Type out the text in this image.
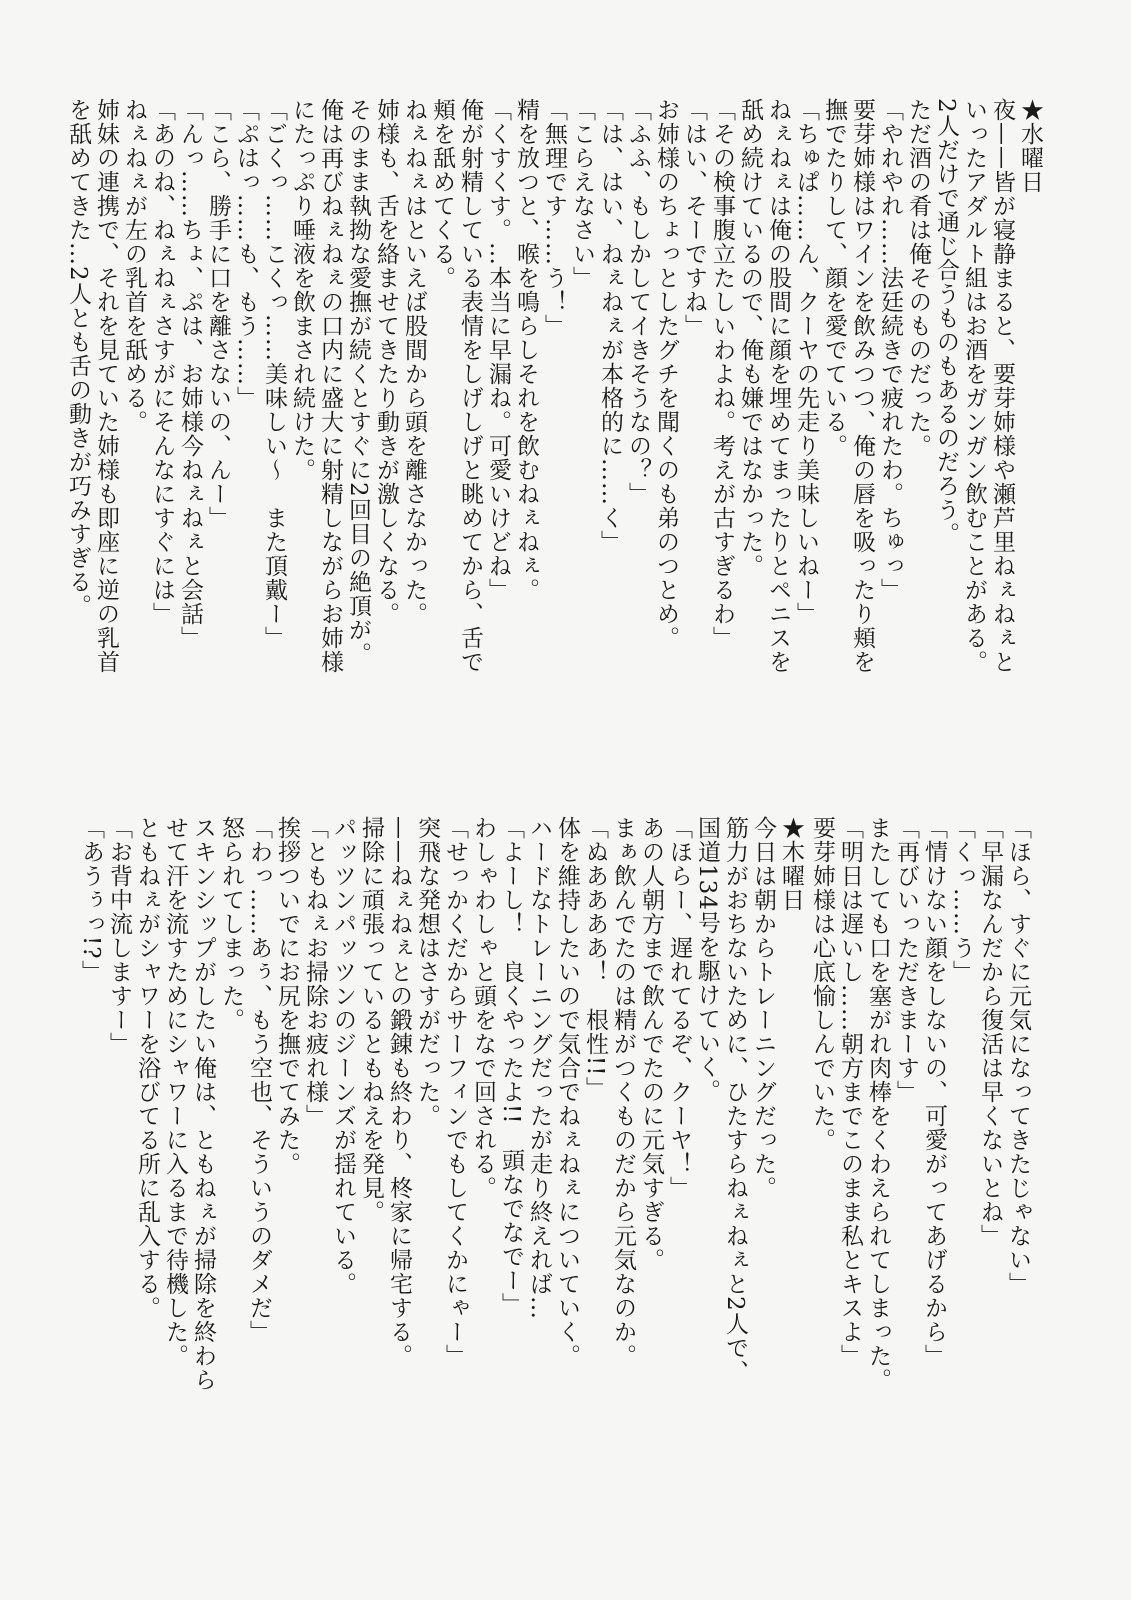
★水曜日
夜——皆が寝静まると、要芽姉様や瀬芦里ねぇねぇと
いったアダルト組はお酒をガンガン飲むことがある。
2人だけで通じ合うものもあるのだろう。
ただ酒の肴は俺そのものだった。
「やれやれ……法廷続きで疲れたわ。ちゅっ」
要芽姉様はワインを飲みつつ、俺の唇を吸ったり頬を
撫でたりして、顔を愛でている。
「ちゅぱ……ん、クーヤの先走り美味しいねー」
ねぇねぇは俺の股間に顔を埋めてまったりとペニスを
舐め続けているので、俺も嫌ではなかった。
「その検事腹立たしいわよね。考えが古すぎるわ」
「はい、そーですね」
お姉様のちょっとしたグチを聞くのも弟のつとめ。
「ふふ、もしかしてイきそうなの？」
「は、はい、ねぇねぇが本格的に……く」
「こらえなさい」
「無理です……う！」
精を放つと、喉を鳴らしそれを飲むねぇねぇ。
「くすくす。…本当に早漏ね。可愛いけどね」
俺が射精している表情をしげしげと眺めてから、舌で
頬を舐めてくる。
ねぇねぇはといえば股間から頭を離さなかった。
姉様も、舌を絡ませてきたり動きが激しくなる。
そのまま執拗な愛撫が続くとすぐに2回目の絶頂が。
俺は再びねぇねぇの口内に盛大に射精しながらお姉様
にたっぷり唾液を飲まされ続けた。
「ごくっ……こくっ……美味しい〜　また頂戴ー」
「ぷはっ……も、もう……」
「こら、勝手に口を離さないの、んー」
「んっ……ちょ、ぷは、お姉様今ねぇねぇと会話」
「あのね、ねぇねぇさすがにそんなにすぐには」
ねぇねぇが左の乳首を舐める。
姉妹の連携で、それを見ていた姉様も即座に逆の乳首
を舐めてきた…2人とも舌の動きが巧みすぎる。
「ほら、すぐに元気になってきたじゃない」
「早漏なんだから復活は早くないとね」
「くっ……う」
「情けない顔をしないの、可愛がってあげるから」
「再びいっただきまーす」
またしても口を塞がれ肉棒をくわえられてしまった。
「明日は遅いし……朝方までこのまま私とキスよ」
要芽姉様は心底愉しんでいた。
★木曜日
今日は朝からトレーニングだった。
筋力がおちないために、ひたすらねぇねぇと2人で、
国道134号を駆けていく。
「ほらー、遅れてるぞ、クーヤ！」
あの人朝方まで飲んでたのに元気すぎる。
まぁ飲んでたのは精がつくものだから元気なのか。
「ぬああああ！　根性!!」
体を維持したいので気合でねぇねぇについていく。
ハードなトレーニングだったが走り終えれば…
「よーし！　良くやったよ!!　頭なでなでー」
わしゃわしゃと頭をなで回される。
「せっかくだからサーフィンでもしてくかにゃー」
突飛な発想はさすがだった。
——ねぇねぇとの鍛錬も終わり、柊家に帰宅する。
掃除に頑張っているともねえを発見。
パッツンパッツンのジーンズが揺れている。
「ともねぇお掃除お疲れ様」
挨拶ついでにお尻を撫でてみた。
「わっ……あぅ、もう空也、そういうのダメだ」
怒られてしまった。
スキンシップがしたい俺は、ともねぇが掃除を終わら
せて汗を流すためにシャワーに入るまで待機した。
ともねぇがシャワーを浴びてる所に乱入する。
「お背中流しますー」
「あうぅっ!?」
